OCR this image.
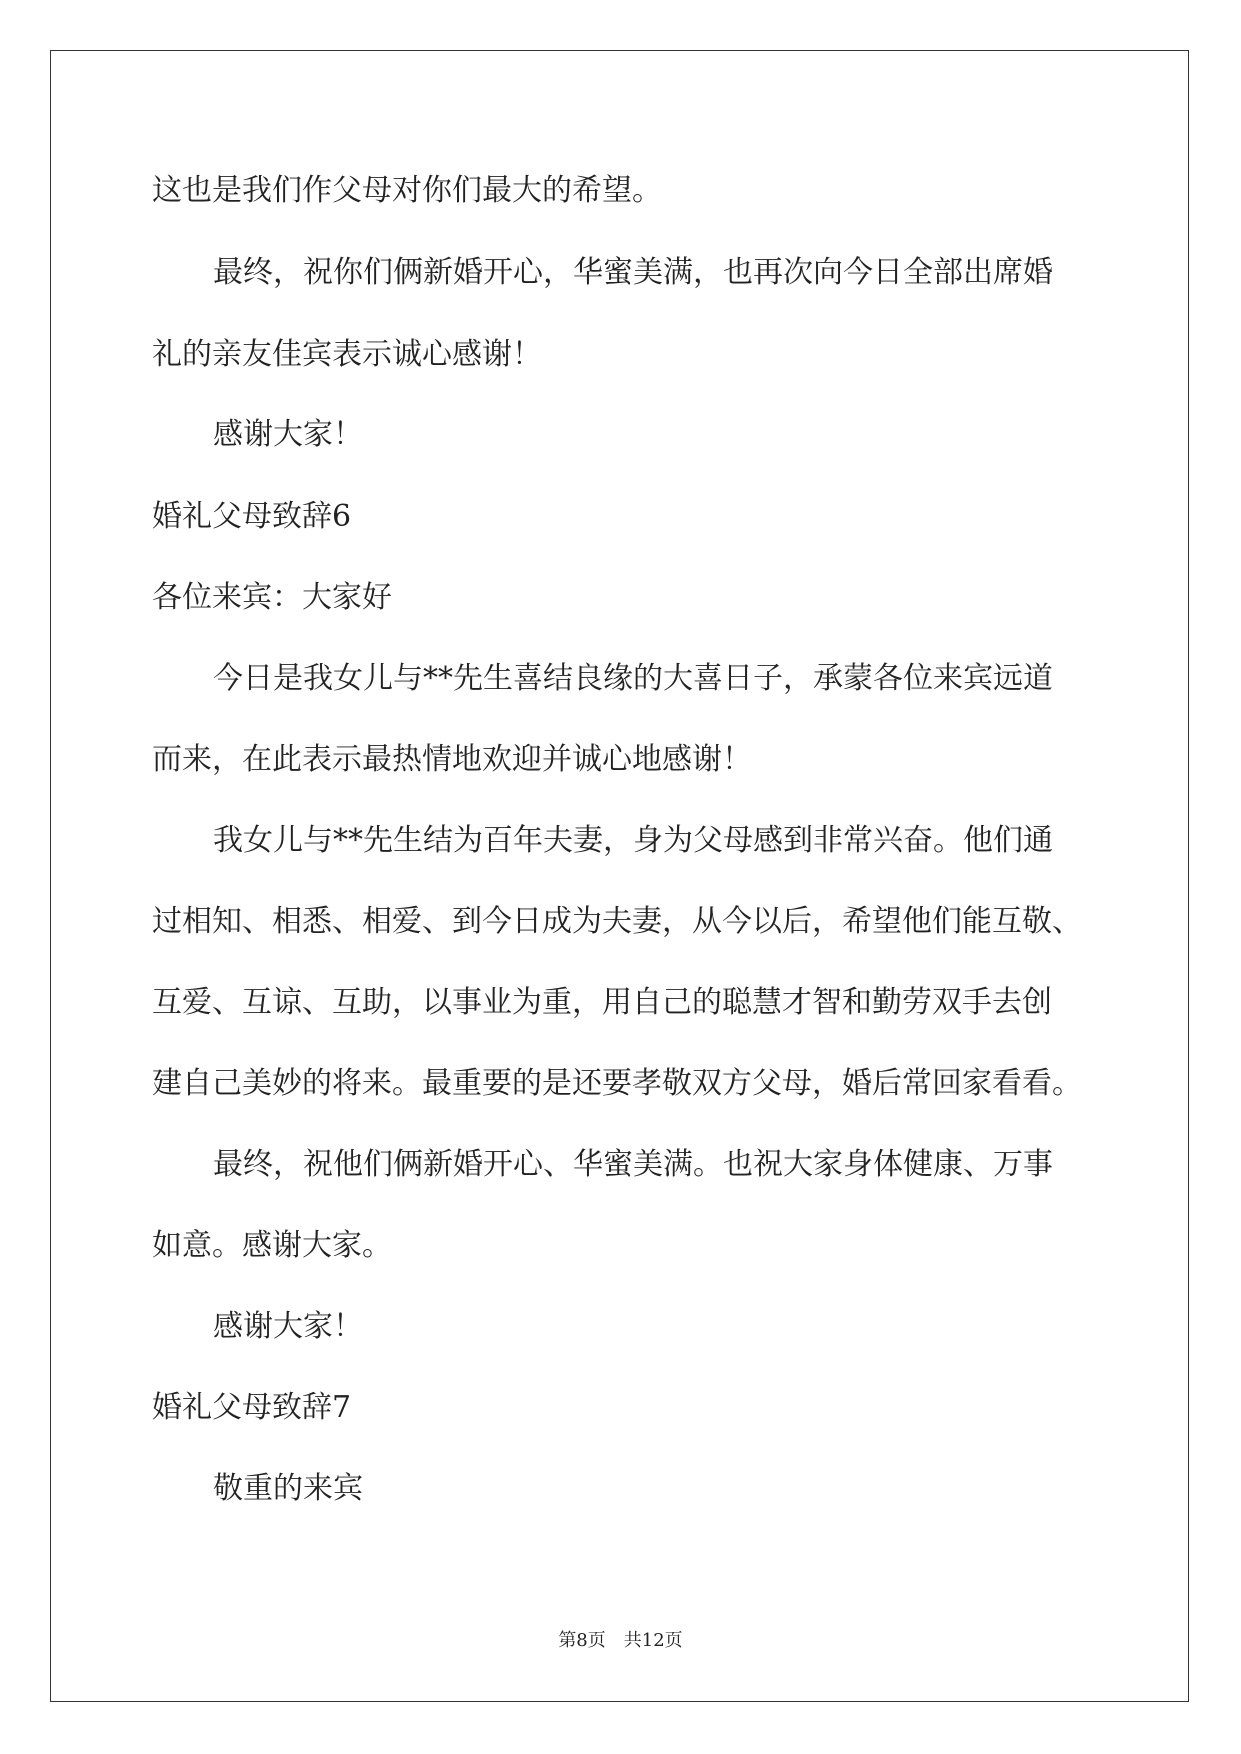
这也是我们作父母对你们最大的希望。
最终，祝你们俩新婚开心，华蜜美满，也再次向今日全部出席婚
礼的亲友佳宾表示诚心感谢！
感谢大家！
婚礼父母致辞6
各位来宾：大家好
今日是我女儿与**先生喜结良缘的大喜日子，承蒙各位来宾远道
而来，在此表示最热情地欢迎并诚心地感谢！
我女儿与**先生结为百年夫妻，身为父母感到非常兴奋。他们通
过相知、相悉、相爱、到今日成为夫妻，从今以后，希望他们能互敬、
互爱、互谅、互助，以事业为重，用自己的聪慧才智和勤劳双手去创
建自己美妙的将来。最重要的是还要孝敬双方父母，婚后常回家看看。
最终，祝他们俩新婚开心、华蜜美满。也祝大家身体健康、万事
如意。感谢大家。
感谢大家！
婚礼父母致辞7
敬重的来宾
第8页　共12页
